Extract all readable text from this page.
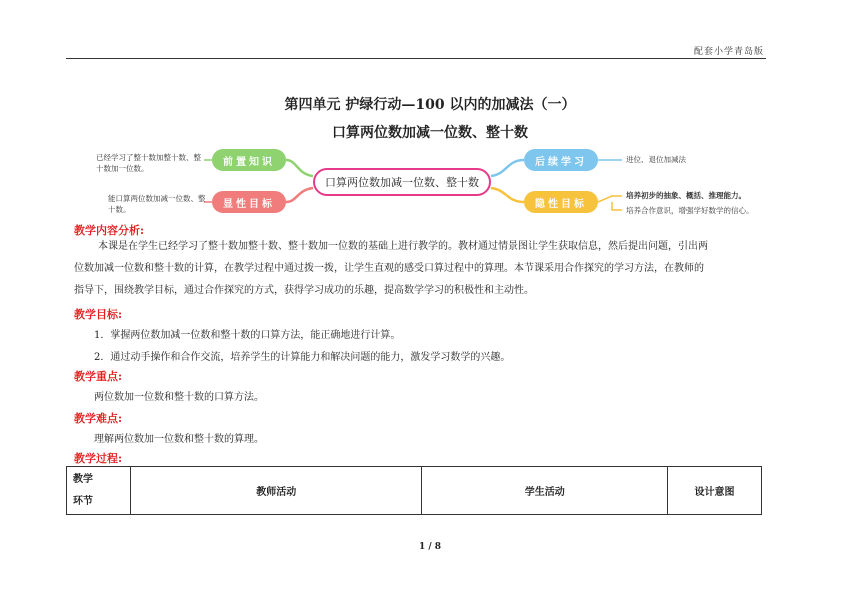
配套小学青岛版
第四单元 护绿行动—100 以内的加减法（一）
口算两位数加减一位数、整十数
已经学习了整十数加整十数、整十数加一位数。
能口算两位数加减一位数、整十数。
前置知识
显性目标
口算两位数加减一位数、整十数
后续学习
隐性目标
进位、退位加减法
培养初步的抽象、概括、推理能力。
培养合作意识，增强学好数学的信心。
教学内容分析:
本课是在学生已经学习了整十数加整十数、整十数加一位数的基础上进行教学的。教材通过情景图让学生获取信息，然后提出问题，引出两
位数加减一位数和整十数的计算，在教学过程中通过拨一拨，让学生直观的感受口算过程中的算理。本节课采用合作探究的学习方法，在教师的
指导下，围绕教学目标，通过合作探究的方式，获得学习成功的乐趣，提高数学学习的积极性和主动性。
教学目标:
1．掌握两位数加减一位数和整十数的口算方法，能正确地进行计算。
2．通过动手操作和合作交流，培养学生的计算能力和解决问题的能力，激发学习数学的兴趣。
教学重点:
两位数加一位数和整十数的口算方法。
教学难点:
理解两位数加一位数和整十数的算理。
教学过程:
教学
环节
	教师活动	学生活动	设计意图
1 / 8
